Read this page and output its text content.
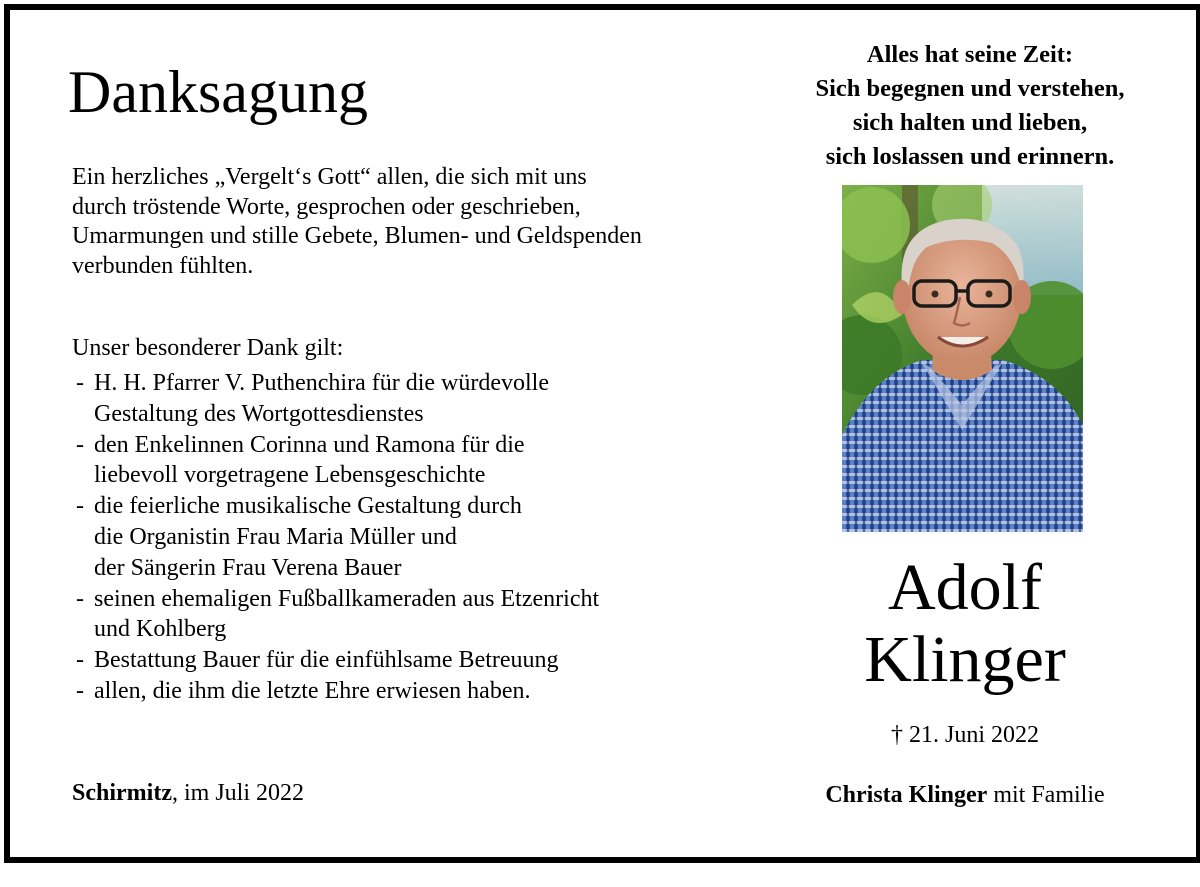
Danksagung
Ein herzliches „Vergelt‘s Gott“ allen, die sich mit uns
durch tröstende Worte, gesprochen oder geschrieben,
Umarmungen und stille Gebete, Blumen- und Geldspenden
verbunden fühlten.
Unser besonderer Dank gilt:
- H. H. Pfarrer V. Puthenchira für die würdevolle
Gestaltung des Wortgottesdienstes
- den Enkelinnen Corinna und Ramona für die
liebevoll vorgetragene Lebensgeschichte
- die feierliche musikalische Gestaltung durch
die Organistin Frau Maria Müller und
der Sängerin Frau Verena Bauer
- seinen ehemaligen Fußballkameraden aus Etzenricht
und Kohlberg
- Bestattung Bauer für die einfühlsame Betreuung
- allen, die ihm die letzte Ehre erwiesen haben.
Schirmitz, im Juli 2022
Alles hat seine Zeit:
Sich begegnen und verstehen,
sich halten und lieben,
sich loslassen und erinnern.
Adolf
Klinger
† 21. Juni 2022
Christa Klinger mit Familie
